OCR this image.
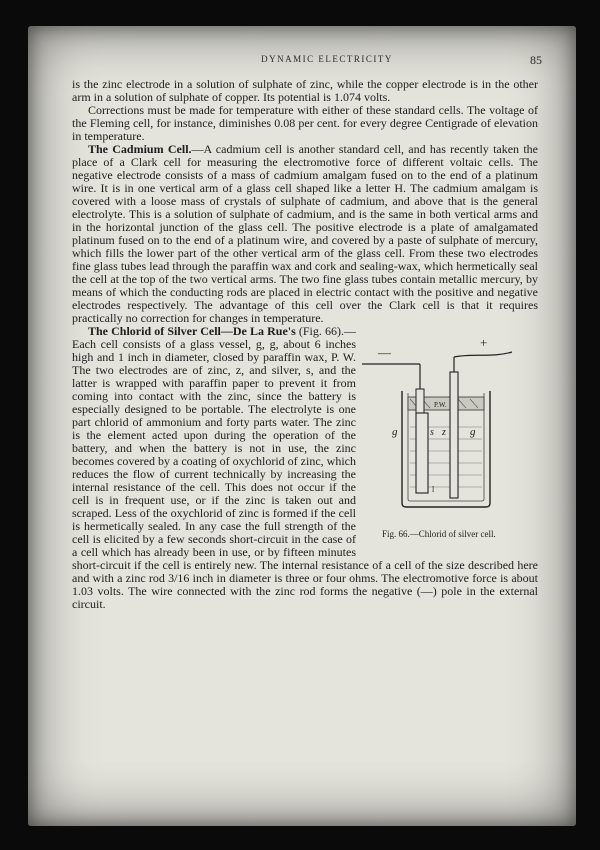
DYNAMIC ELECTRICITY	85

is the zinc electrode in a solution of sulphate of zinc, while the copper electrode is in the other arm in a solution of sulphate of copper. Its potential is 1.074 volts.

Corrections must be made for temperature with either of these standard cells. The voltage of the Fleming cell, for instance, diminishes 0.08 per cent. for every degree Centigrade of elevation in temperature.

The Cadmium Cell.—A cadmium cell is another standard cell, and has recently taken the place of a Clark cell for measuring the electromotive force of different voltaic cells. The negative electrode consists of a mass of cadmium amalgam fused on to the end of a platinum wire. It is in one vertical arm of a glass cell shaped like a letter H. The cadmium amalgam is covered with a loose mass of crystals of sulphate of cadmium, and above that is the general electrolyte. This is a solution of sulphate of cadmium, and is the same in both vertical arms and in the horizontal junction of the glass cell. The positive electrode is a plate of amalgamated platinum fused on to the end of a platinum wire, and covered by a paste of sulphate of mercury, which fills the lower part of the other vertical arm of the glass cell. From these two electrodes fine glass tubes lead through the paraffin wax and cork and sealing-wax, which hermetically seal the cell at the top of the two vertical arms. The two fine glass tubes contain metallic mercury, by means of which the conducting rods are placed in electric contact with the positive and negative electrodes respectively. The advantage of this cell over the Clark cell is that it requires practically no correction for changes in temperature.

—
+
P.W.
g	s z g
l
Fig. 66.—Chlorid of silver cell.

The Chlorid of Silver Cell—De La Rue's (Fig. 66).—Each cell consists of a glass vessel, g, g, about 6 inches high and 1 inch in diameter, closed by paraffin wax, P. W. The two electrodes are of zinc, z, and silver, s, and the latter is wrapped with paraffin paper to prevent it from coming into contact with the zinc, since the battery is especially designed to be portable. The electrolyte is one part chlorid of ammonium and forty parts water. The zinc is the element acted upon during the operation of the battery, and when the battery is not in use, the zinc becomes covered by a coating of oxychlorid of zinc, which reduces the flow of current technically by increasing the internal resistance of the cell. This does not occur if the cell is in frequent use, or if the zinc is taken out and scraped. Less of the oxychlorid of zinc is formed if the cell is hermetically sealed. In any case the full strength of the cell is elicited by a few seconds short-circuit in the case of a cell which has already been in use, or by fifteen minutes short-circuit if the cell is entirely new. The internal resistance of a cell of the size described here and with a zinc rod 3/16 inch in diameter is three or four ohms. The electromotive force is about 1.03 volts. The wire connected with the zinc rod forms the negative (—) pole in the external circuit.
